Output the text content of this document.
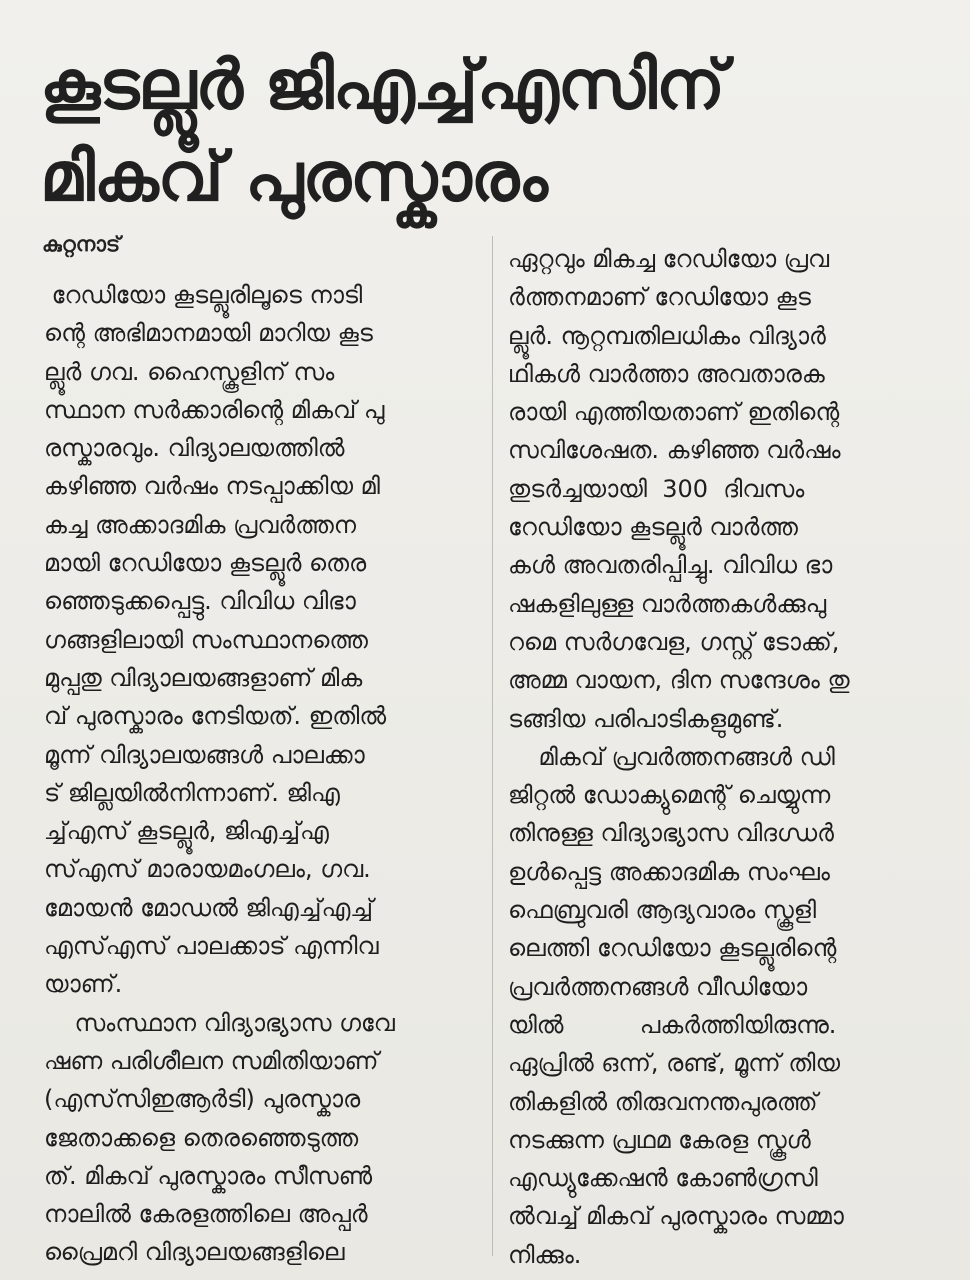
കൂടല്ലൂർ ജിഎച്ച്എസിന്
മികവ് പുരസ്കാരം
കുറ്റനാട്
റേഡിയോ കൂടല്ലൂരിലൂടെ നാടി
ന്റെ അഭിമാനമായി മാറിയ കൂട
ല്ലൂർ ഗവ. ഹൈസ്കൂളിന് സം
സ്ഥാന സർക്കാരിന്റെ മികവ് പു
രസ്കാരവും. വിദ്യാലയത്തിൽ
കഴിഞ്ഞ വർഷം നടപ്പാക്കിയ മി
കച്ച അക്കാദമിക പ്രവർത്തന
മായി റേഡിയോ കൂടല്ലൂർ തെര
ഞ്ഞെടുക്കപ്പെട്ടു. വിവിധ വിഭാ
ഗങ്ങളിലായി സംസ്ഥാനത്തെ
മുപ്പതു വിദ്യാലയങ്ങളാണ് മിക
വ് പുരസ്കാരം നേടിയത്. ഇതിൽ
മൂന്ന് വിദ്യാലയങ്ങൾ പാലക്കാ
ട് ജില്ലയിൽനിന്നാണ്. ജിഎ
ച്ച്എസ് കൂടല്ലൂർ, ജിഎച്ച്എ
സ്എസ് മാരായമംഗലം, ഗവ.
മോയൻ മോഡൽ ജിഎച്ച്എച്ച്
എസ്എസ് പാലക്കാട് എന്നിവ
യാണ്.
സംസ്ഥാന വിദ്യാഭ്യാസ ഗവേ
ഷണ പരിശീലന സമിതിയാണ്
(എസ്‌സിഇആർടി) പുരസ്കാര
ജേതാക്കളെ തെരഞ്ഞെടുത്ത
ത്. മികവ് പുരസ്കാരം സീസൺ
നാലിൽ കേരളത്തിലെ അപ്പർ
പ്രൈമറി വിദ്യാലയങ്ങളിലെ
ഏറ്റവും മികച്ച റേഡിയോ പ്രവ
ർത്തനമാണ് റേഡിയോ കൂട
ല്ലൂർ. നൂറ്റമ്പതിലധികം വിദ്യാർ
ഥികൾ വാർത്താ അവതാരക
രായി എത്തിയതാണ് ഇതിന്റെ
സവിശേഷത. കഴിഞ്ഞ വർഷം
തുടർച്ചയായി  300  ദിവസം
റേഡിയോ കൂടല്ലൂർ വാർത്ത
കൾ അവതരിപ്പിച്ചു. വിവിധ ഭാ
ഷകളിലുള്ള വാർത്തകൾക്കുപു
റമെ സർഗവേള, ഗസ്റ്റ് ടോക്ക്,
അമ്മ വായന, ദിന സന്ദേശം തു
ടങ്ങിയ പരിപാടികളുമുണ്ട്.
മികവ് പ്രവർത്തനങ്ങൾ ഡി
ജിറ്റൽ ഡോക്യുമെന്റ് ചെയ്യുന്ന
തിനുള്ള വിദ്യാഭ്യാസ വിദഗ്ധർ
ഉൾപ്പെട്ട അക്കാദമിക സംഘം
ഫെബ്രുവരി ആദ്യവാരം സ്കൂളി
ലെത്തി റേഡിയോ കൂടല്ലൂരിന്റെ
പ്രവർത്തനങ്ങൾ വീഡിയോ
യിൽ          പകർത്തിയിരുന്നു.
ഏപ്രിൽ ഒന്ന്, രണ്ട്, മൂന്ന് തിയ
തികളിൽ തിരുവനന്തപുരത്ത്
നടക്കുന്ന പ്രഥമ കേരള സ്കൂൾ
എഡ്യുക്കേഷൻ കോൺഗ്രസി
ൽവച്ച് മികവ് പുരസ്കാരം സമ്മാ
നിക്കും.
